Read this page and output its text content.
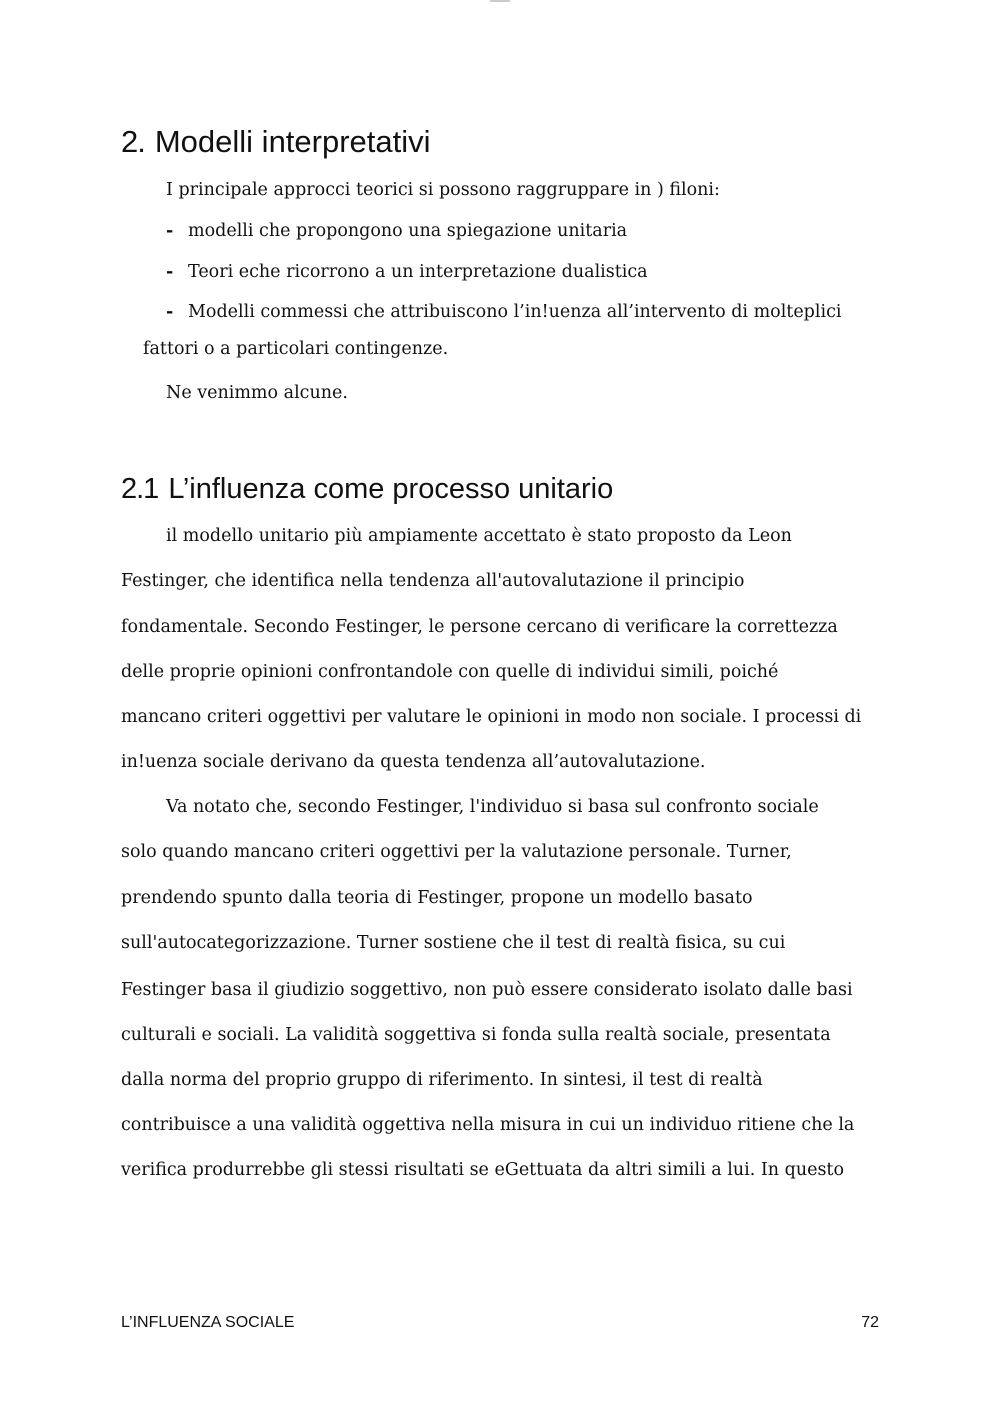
2. Modelli interpretativi

I principale approcci teorici si possono raggruppare in ) filoni:

- modelli che propongono una spiegazione unitaria

- Teori eche ricorrono a un interpretazione dualistica

- Modelli commessi che attribuiscono l’in!uenza all’intervento di molteplici

fattori o a particolari contingenze.

Ne venimmo alcune.

2.1 L’influenza come processo unitario

il modello unitario più ampiamente accettato è stato proposto da Leon

Festinger, che identifica nella tendenza all'autovalutazione il principio

fondamentale. Secondo Festinger, le persone cercano di verificare la correttezza

delle proprie opinioni confrontandole con quelle di individui simili, poiché

mancano criteri oggettivi per valutare le opinioni in modo non sociale. I processi di

in!uenza sociale derivano da questa tendenza all’autovalutazione.

Va notato che, secondo Festinger, l'individuo si basa sul confronto sociale

solo quando mancano criteri oggettivi per la valutazione personale. Turner,

prendendo spunto dalla teoria di Festinger, propone un modello basato

sull'autocategorizzazione. Turner sostiene che il test di realtà fisica, su cui

Festinger basa il giudizio soggettivo, non può essere considerato isolato dalle basi

culturali e sociali. La validità soggettiva si fonda sulla realtà sociale, presentata

dalla norma del proprio gruppo di riferimento. In sintesi, il test di realtà

contribuisce a una validità oggettiva nella misura in cui un individuo ritiene che la

verifica produrrebbe gli stessi risultati se eGettuata da altri simili a lui. In questo

L’INFLUENZA SOCIALE	72
